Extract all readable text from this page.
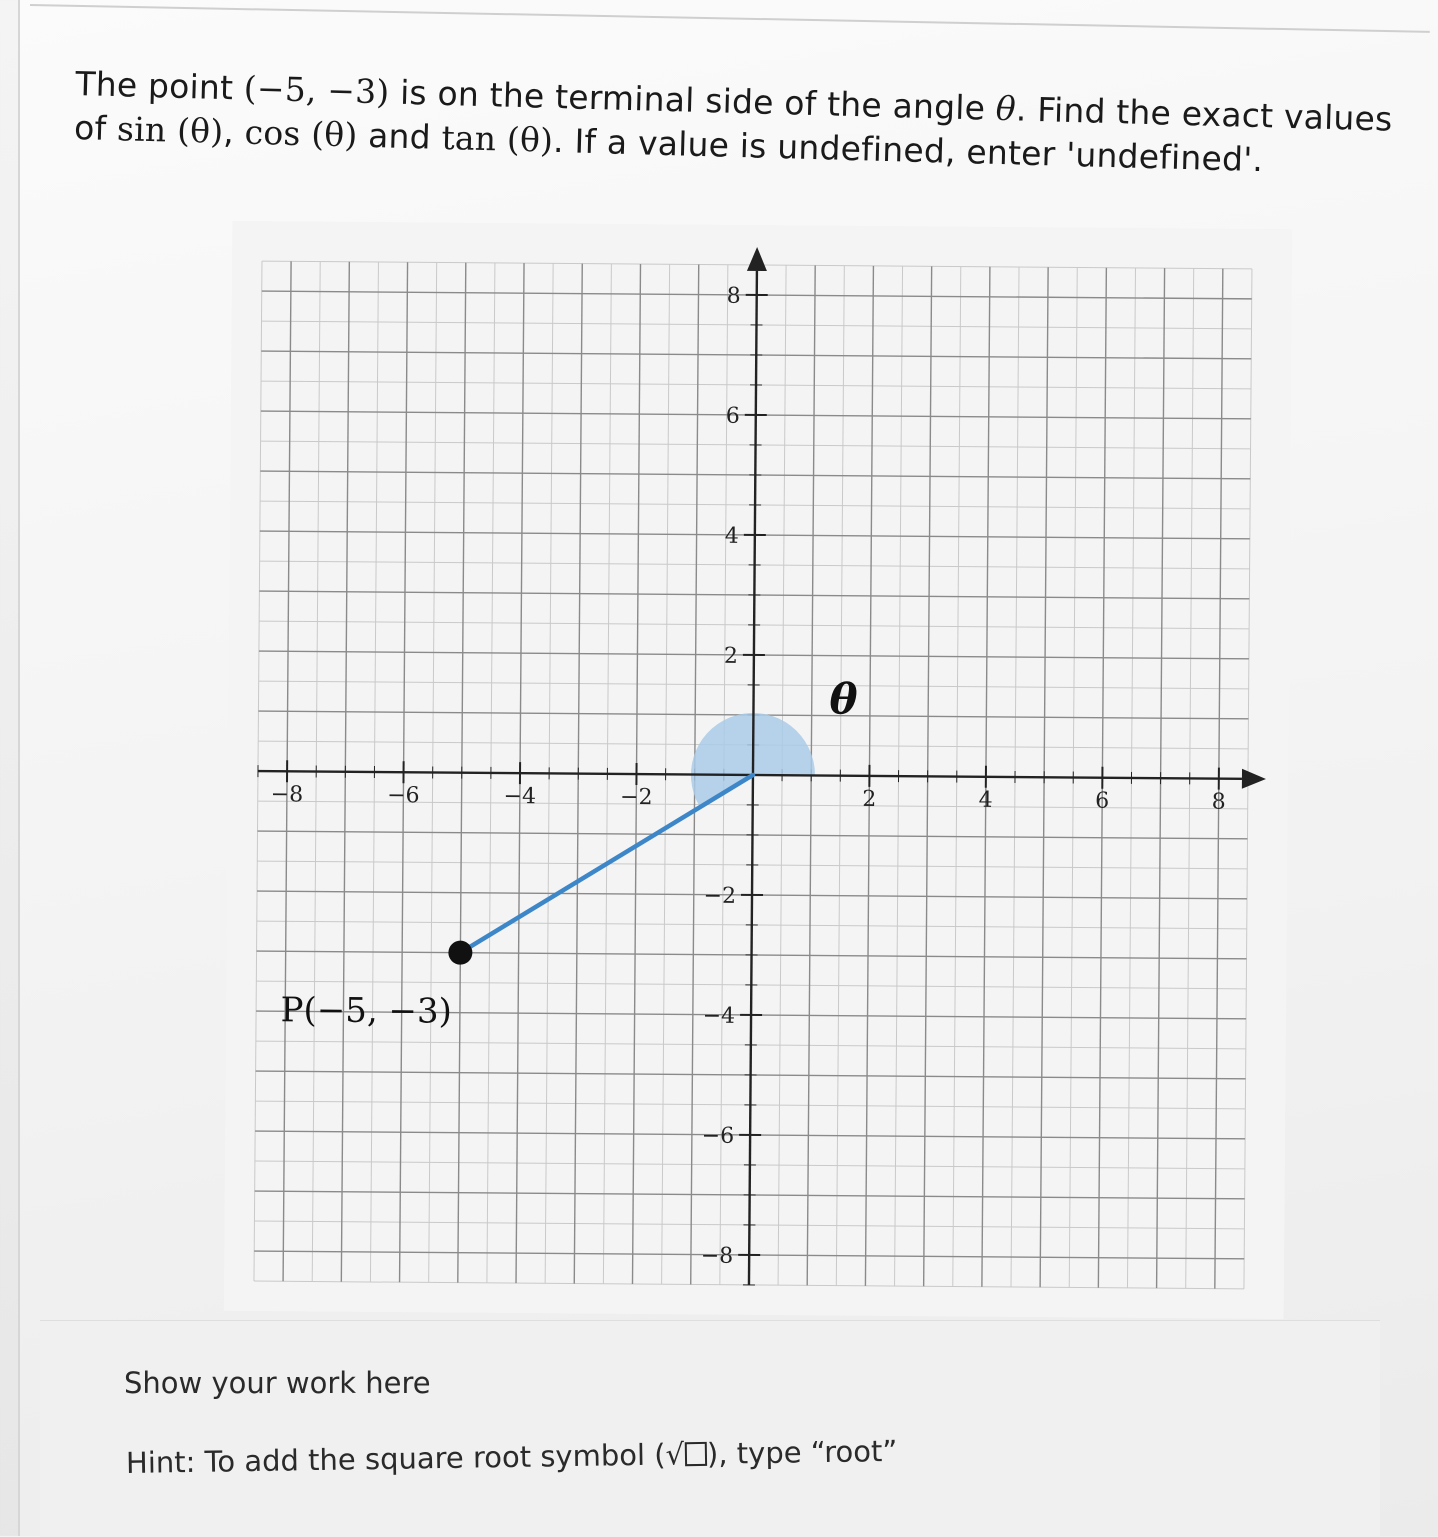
The point (−5, −3) is on the terminal side of the angle θ. Find the exact values
of sin (θ), cos (θ) and tan (θ). If a value is undefined, enter 'undefined'.

−8	−6	−4	−2	2	4	6	8
8
6
4
2
−2
−4
−6
−8
P(−5, −3)
θ

Show your work here

Hint: To add the square root symbol (√ ), type “root”
